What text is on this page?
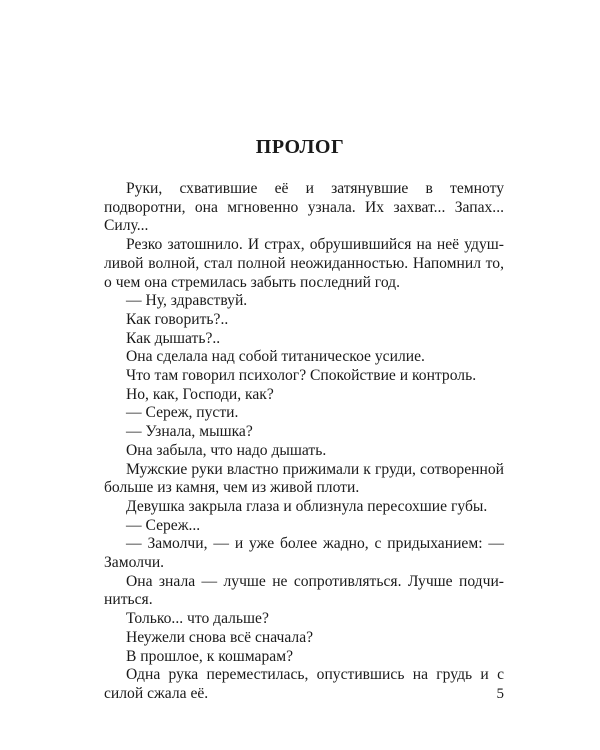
ПРОЛОГ

Руки, схватившие её и затянувшие в темноту подворотни, она мгновенно узнала. Их захват... Запах... Силу...

Резко затошнило. И страх, обрушившийся на неё удушливой волной, стал полной неожиданностью. Напомнил то, о чем она стремилась забыть последний год.

— Ну, здравствуй.

Как говорить?..

Как дышать?..

Она сделала над собой титаническое усилие.

Что там говорил психолог? Спокойствие и контроль.

Но, как, Господи, как?

— Сереж, пусти.

— Узнала, мышка?

Она забыла, что надо дышать.

Мужские руки властно прижимали к груди, сотворенной больше из камня, чем из живой плоти.

Девушка закрыла глаза и облизнула пересохшие губы.

— Сереж...

— Замолчи, — и уже более жадно, с придыханием: — Замолчи.

Она знала — лучше не сопротивляться. Лучше подчиниться.

Только... что дальше?

Неужели снова всё сначала?

В прошлое, к кошмарам?

Одна рука переместилась, опустившись на грудь и с силой сжала её.	5
